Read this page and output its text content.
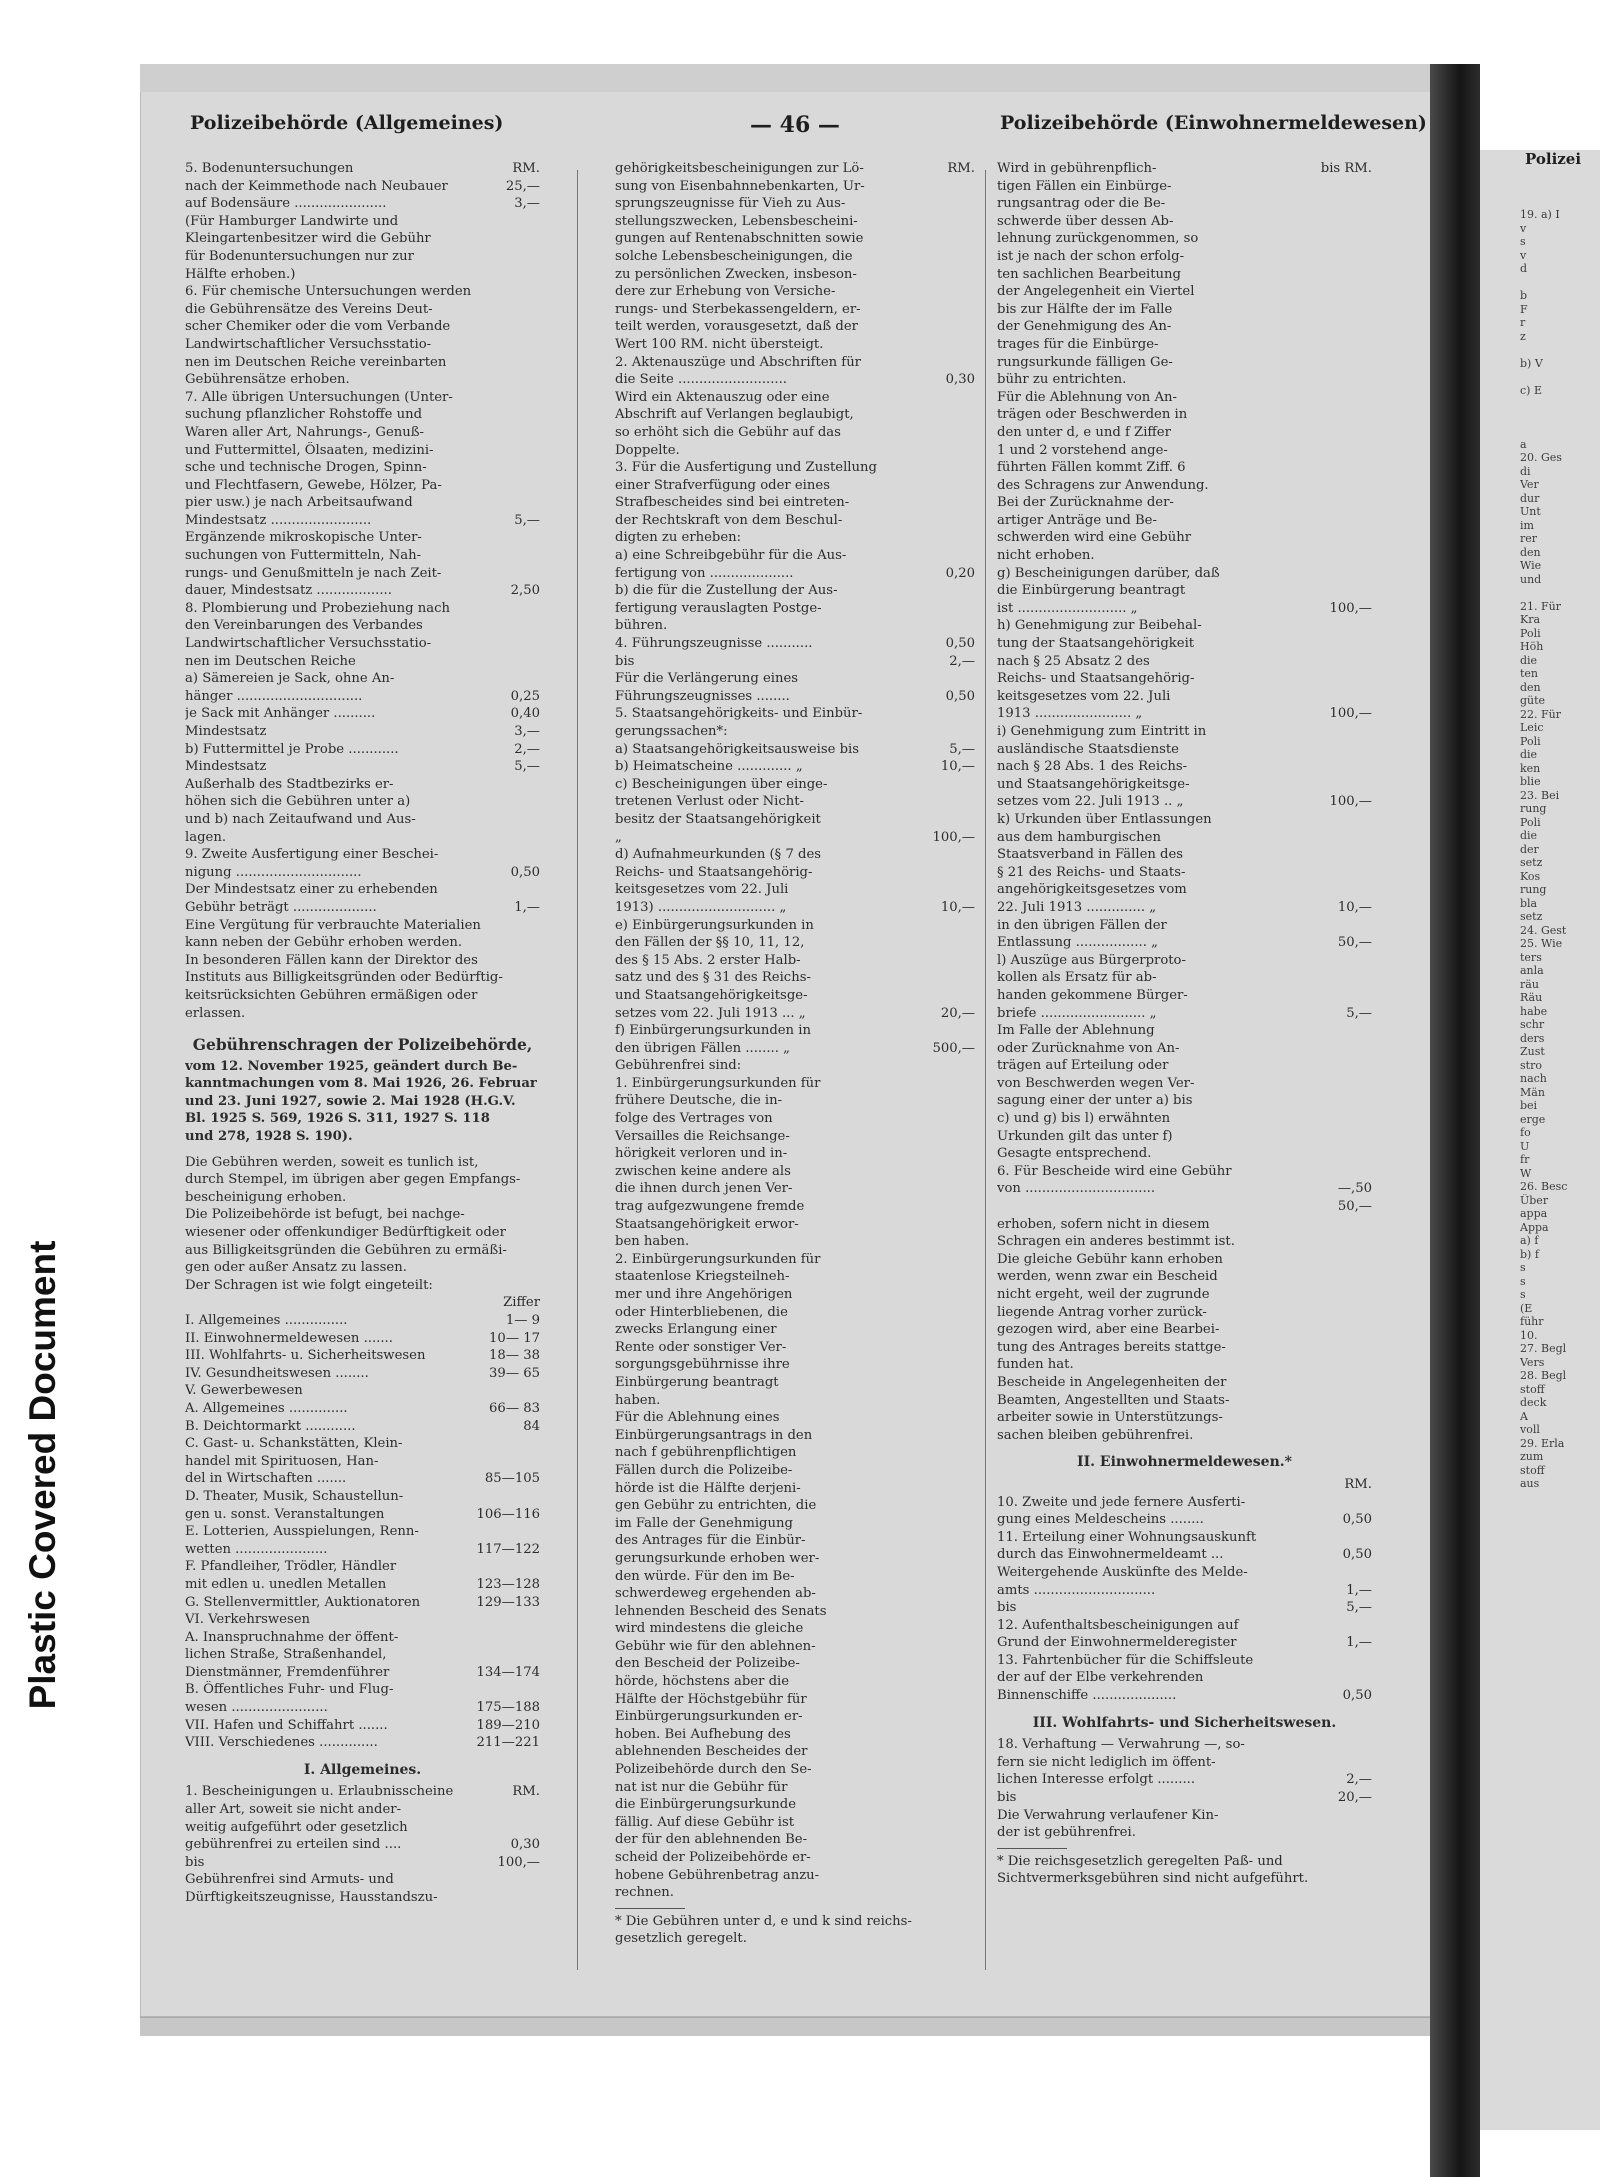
Plastic Covered Document
Polizei
19. a) I
v
s
v
d

b
F
r
z

b) V

c) E

a
20. Ges
di
Ver
dur
Unt
im
rer
den
Wie
und

21. Für
Kra
Poli
Höh
die
ten
den
güte
22. Für
Leic
Poli
die
ken
blie
23. Bei
rung
Poli
die
der
setz
Kos
rung
bla
setz
24. Gest
25. Wie
ters
anla
räu
Räu
habe
schr
ders
Zust
stro
nach
Män
bei
erge
fo
U
fr
W
26. Besc
Über
appa
Appa
a) f
b) f
s
s
s
(E
führ
10.
27. Begl
Vers
28. Begl
stoff
deck
A
voll
29. Erla
zum
stoff
aus
Polizeibehörde (Allgemeines)	— 46 —	Polizeibehörde (Einwohnermeldewesen)
5. Bodenuntersuchungen	RM.
nach der Keimmethode nach Neubauer	25,—
auf Bodensäure ......................	3,—
(Für Hamburger Landwirte und
Kleingartenbesitzer wird die Gebühr
für Bodenuntersuchungen nur zur
Hälfte erhoben.)
6. Für chemische Untersuchungen werden
die Gebührensätze des Vereins Deut-
scher Chemiker oder die vom Verbande
Landwirtschaftlicher Versuchsstatio-
nen im Deutschen Reiche vereinbarten
Gebührensätze erhoben.
7. Alle übrigen Untersuchungen (Unter-
suchung pflanzlicher Rohstoffe und
Waren aller Art, Nahrungs-, Genuß-
und Futtermittel, Ölsaaten, medizini-
sche und technische Drogen, Spinn-
und Flechtfasern, Gewebe, Hölzer, Pa-
pier usw.) je nach Arbeitsaufwand
Mindestsatz ........................	5,—
Ergänzende mikroskopische Unter-
suchungen von Futtermitteln, Nah-
rungs- und Genußmitteln je nach Zeit-
dauer, Mindestsatz ..................	2,50
8. Plombierung und Probeziehung nach
den Vereinbarungen des Verbandes
Landwirtschaftlicher Versuchsstatio-
nen im Deutschen Reiche
a) Sämereien je Sack, ohne An-
hänger ..............................	0,25
je Sack mit Anhänger ..........	0,40
Mindestsatz	3,—
b) Futtermittel je Probe ............	2,—
Mindestsatz	5,—
Außerhalb des Stadtbezirks er-
höhen sich die Gebühren unter a)
und b) nach Zeitaufwand und Aus-
lagen.
9. Zweite Ausfertigung einer Beschei-
nigung ..............................	0,50
Der Mindestsatz einer zu erhebenden
Gebühr beträgt ....................	1,—
Eine Vergütung für verbrauchte Materialien
kann neben der Gebühr erhoben werden.
In besonderen Fällen kann der Direktor des
Instituts aus Billigkeitsgründen oder Bedürftig-
keitsrücksichten Gebühren ermäßigen oder
erlassen.
Gebührenschragen der Polizeibehörde,
vom 12. November 1925, geändert durch Be-
kanntmachungen vom 8. Mai 1926, 26. Februar
und 23. Juni 1927, sowie 2. Mai 1928 (H.G.V.
Bl. 1925 S. 569, 1926 S. 311, 1927 S. 118
und 278, 1928 S. 190).
Die Gebühren werden, soweit es tunlich ist,
durch Stempel, im übrigen aber gegen Empfangs-
bescheinigung erhoben.
Die Polizeibehörde ist befugt, bei nachge-
wiesener oder offenkundiger Bedürftigkeit oder
aus Billigkeitsgründen die Gebühren zu ermäßi-
gen oder außer Ansatz zu lassen.
Der Schragen ist wie folgt eingeteilt:
Ziffer
I. Allgemeines ...............	1— 9
II. Einwohnermeldewesen .......	10— 17
III. Wohlfahrts- u. Sicherheitswesen	18— 38
IV. Gesundheitswesen ........	39— 65
V. Gewerbewesen
A. Allgemeines ..............	66— 83
B. Deichtormarkt ............	84
C. Gast- u. Schankstätten, Klein-
handel mit Spirituosen, Han-
del in Wirtschaften .......	85—105
D. Theater, Musik, Schaustellun-
gen u. sonst. Veranstaltungen	106—116
E. Lotterien, Ausspielungen, Renn-
wetten ......................	117—122
F. Pfandleiher, Trödler, Händler
mit edlen u. unedlen Metallen	123—128
G. Stellenvermittler, Auktionatoren	129—133
VI. Verkehrswesen
A. Inanspruchnahme der öffent-
lichen Straße, Straßenhandel,
Dienstmänner, Fremdenführer	134—174
B. Öffentliches Fuhr- und Flug-
wesen .......................	175—188
VII. Hafen und Schiffahrt .......	189—210
VIII. Verschiedenes ..............	211—221
I. Allgemeines.
1. Bescheinigungen u. Erlaubnisscheine	RM.
aller Art, soweit sie nicht ander-
weitig aufgeführt oder gesetzlich
gebührenfrei zu erteilen sind ....	0,30
bis	100,—
Gebührenfrei sind Armuts- und
Dürftigkeitszeugnisse, Hausstandszu-
gehörigkeitsbescheinigungen zur Lö-	RM.
sung von Eisenbahnnebenkarten, Ur-
sprungszeugnisse für Vieh zu Aus-
stellungszwecken, Lebensbescheini-
gungen auf Rentenabschnitten sowie
solche Lebensbescheinigungen, die
zu persönlichen Zwecken, insbeson-
dere zur Erhebung von Versiche-
rungs- und Sterbekassengeldern, er-
teilt werden, vorausgesetzt, daß der
Wert 100 RM. nicht übersteigt.
2. Aktenauszüge und Abschriften für
die Seite ..........................	0,30
Wird ein Aktenauszug oder eine
Abschrift auf Verlangen beglaubigt,
so erhöht sich die Gebühr auf das
Doppelte.
3. Für die Ausfertigung und Zustellung
einer Strafverfügung oder eines
Strafbescheides sind bei eintreten-
der Rechtskraft von dem Beschul-
digten zu erheben:
a) eine Schreibgebühr für die Aus-
fertigung von ....................	0,20
b) die für die Zustellung der Aus-
fertigung verauslagten Postge-
bühren.
4. Führungszeugnisse ...........	0,50
bis	2,—
Für die Verlängerung eines
Führungszeugnisses ........	0,50
5. Staatsangehörigkeits- und Einbür-
gerungssachen*:
a) Staatsangehörigkeitsausweise bis	5,—
b) Heimatscheine ............. „	10,—
c) Bescheinigungen über einge-
tretenen Verlust oder Nicht-
besitz der Staatsangehörigkeit
„	100,—
d) Aufnahmeurkunden (§ 7 des
Reichs- und Staatsangehörig-
keitsgesetzes vom 22. Juli
1913) ............................ „	10,—
e) Einbürgerungsurkunden in
den Fällen der §§ 10, 11, 12,
des § 15 Abs. 2 erster Halb-
satz und des § 31 des Reichs-
und Staatsangehörigkeitsge-
setzes vom 22. Juli 1913 ... „	20,—
f) Einbürgerungsurkunden in
den übrigen Fällen ........ „	500,—
Gebührenfrei sind:
1. Einbürgerungsurkunden für
frühere Deutsche, die in-
folge des Vertrages von
Versailles die Reichsange-
hörigkeit verloren und in-
zwischen keine andere als
die ihnen durch jenen Ver-
trag aufgezwungene fremde
Staatsangehörigkeit erwor-
ben haben.
2. Einbürgerungsurkunden für
staatenlose Kriegsteilneh-
mer und ihre Angehörigen
oder Hinterbliebenen, die
zwecks Erlangung einer
Rente oder sonstiger Ver-
sorgungsgebührnisse ihre
Einbürgerung beantragt
haben.
Für die Ablehnung eines
Einbürgerungsantrags in den
nach f gebührenpflichtigen
Fällen durch die Polizeibe-
hörde ist die Hälfte derjeni-
gen Gebühr zu entrichten, die
im Falle der Genehmigung
des Antrages für die Einbür-
gerungsurkunde erhoben wer-
den würde. Für den im Be-
schwerdeweg ergehenden ab-
lehnenden Bescheid des Senats
wird mindestens die gleiche
Gebühr wie für den ablehnen-
den Bescheid der Polizeibe-
hörde, höchstens aber die
Hälfte der Höchstgebühr für
Einbürgerungsurkunden er-
hoben. Bei Aufhebung des
ablehnenden Bescheides der
Polizeibehörde durch den Se-
nat ist nur die Gebühr für
die Einbürgerungsurkunde
fällig. Auf diese Gebühr ist
der für den ablehnenden Be-
scheid der Polizeibehörde er-
hobene Gebührenbetrag anzu-
rechnen.
* Die Gebühren unter d, e und k sind reichs-
gesetzlich geregelt.
Wird in gebührenpflich-	bis RM.
tigen Fällen ein Einbürge-
rungsantrag oder die Be-
schwerde über dessen Ab-
lehnung zurückgenommen, so
ist je nach der schon erfolg-
ten sachlichen Bearbeitung
der Angelegenheit ein Viertel
bis zur Hälfte der im Falle
der Genehmigung des An-
trages für die Einbürge-
rungsurkunde fälligen Ge-
bühr zu entrichten.
Für die Ablehnung von An-
trägen oder Beschwerden in
den unter d, e und f Ziffer
1 und 2 vorstehend ange-
führten Fällen kommt Ziff. 6
des Schragens zur Anwendung.
Bei der Zurücknahme der-
artiger Anträge und Be-
schwerden wird eine Gebühr
nicht erhoben.
g) Bescheinigungen darüber, daß
die Einbürgerung beantragt
ist .......................... „	100,—
h) Genehmigung zur Beibehal-
tung der Staatsangehörigkeit
nach § 25 Absatz 2 des
Reichs- und Staatsangehörig-
keitsgesetzes vom 22. Juli
1913 ....................... „	100,—
i) Genehmigung zum Eintritt in
ausländische Staatsdienste
nach § 28 Abs. 1 des Reichs-
und Staatsangehörigkeitsge-
setzes vom 22. Juli 1913 .. „	100,—
k) Urkunden über Entlassungen
aus dem hamburgischen
Staatsverband in Fällen des
§ 21 des Reichs- und Staats-
angehörigkeitsgesetzes vom
22. Juli 1913 .............. „	10,—
in den übrigen Fällen der
Entlassung ................. „	50,—
l) Auszüge aus Bürgerproto-
kollen als Ersatz für ab-
handen gekommene Bürger-
briefe ......................... „	5,—
Im Falle der Ablehnung
oder Zurücknahme von An-
trägen auf Erteilung oder
von Beschwerden wegen Ver-
sagung einer der unter a) bis
c) und g) bis l) erwähnten
Urkunden gilt das unter f)
Gesagte entsprechend.
6. Für Bescheide wird eine Gebühr
von ...............................	—,50
50,—
erhoben, sofern nicht in diesem
Schragen ein anderes bestimmt ist.
Die gleiche Gebühr kann erhoben
werden, wenn zwar ein Bescheid
nicht ergeht, weil der zugrunde
liegende Antrag vorher zurück-
gezogen wird, aber eine Bearbei-
tung des Antrages bereits stattge-
funden hat.
Bescheide in Angelegenheiten der
Beamten, Angestellten und Staats-
arbeiter sowie in Unterstützungs-
sachen bleiben gebührenfrei.
II. Einwohnermeldewesen.*
RM.
10. Zweite und jede fernere Ausferti-
gung eines Meldescheins ........	0,50
11. Erteilung einer Wohnungsauskunft
durch das Einwohnermeldeamt ...	0,50
Weitergehende Auskünfte des Melde-
amts .............................	1,—
bis	5,—
12. Aufenthaltsbescheinigungen auf
Grund der Einwohnermelderegister	1,—
13. Fahrtenbücher für die Schiffsleute
der auf der Elbe verkehrenden
Binnenschiffe ....................	0,50
III. Wohlfahrts- und Sicherheitswesen.
18. Verhaftung — Verwahrung —, so-
fern sie nicht lediglich im öffent-
lichen Interesse erfolgt .........	2,—
bis	20,—
Die Verwahrung verlaufener Kin-
der ist gebührenfrei.
* Die reichsgesetzlich geregelten Paß- und
Sichtvermerksgebühren sind nicht aufgeführt.
